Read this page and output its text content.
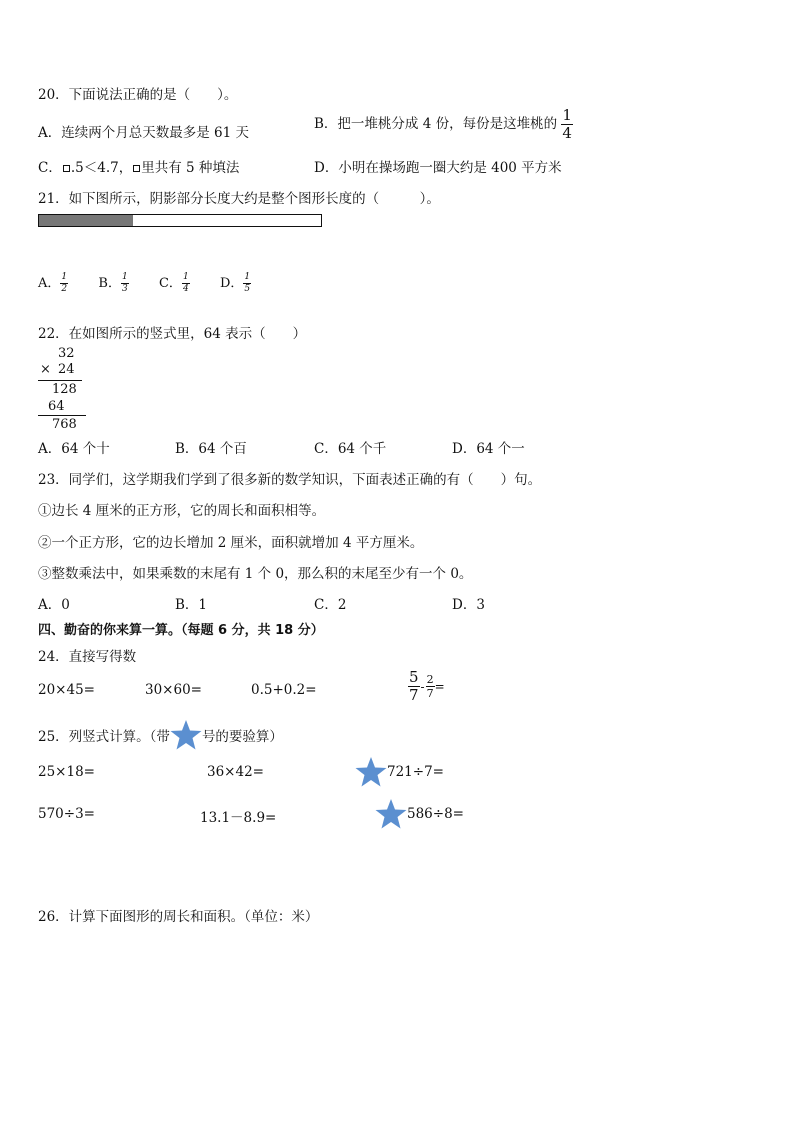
20．下面说法正确的是（　　）。
A．连续两个月总天数最多是 61 天
B．把一堆桃分成 4 份，每份是这堆桃的 $\frac{1}{4}$
C． .5＜4.7， 里共有 5 种填法	D．小明在操场跑一圈大约是 400 平方米
21．如下图所示，阴影部分长度大约是整个图形长度的（　　　）。
A． $\frac{1}{2}$ B． $\frac{1}{3}$ C． $\frac{1}{4}$ D． $\frac{1}{5}$
22．在如图所示的竖式里，64 表示（　　）
32
× 24
128
64
768
A．64 个十	B．64 个百	C．64 个千	D．64 个一
23．同学们，这学期我们学到了很多新的数学知识，下面表述正确的有（　　）句。
①边长 4 厘米的正方形，它的周长和面积相等。
②一个正方形，它的边长增加 2 厘米，面积就增加 4 平方厘米。
③整数乘法中，如果乘数的末尾有 1 个 0，那么积的末尾至少有一个 0。
A．0	B．1	C．2	D．3
四、勤奋的你来算一算。（每题 6 分，共 18 分）
24．直接写得数
20×45=	30×60=	0.5+0.2=	$\frac{5}{7} - \frac{2}{7}$ =
25．列竖式计算。（带 号的要验算）
25×18=	36×42=	721÷7=
570÷3=	13.1－8.9=	586÷8=
26．计算下面图形的周长和面积。（单位：米）
